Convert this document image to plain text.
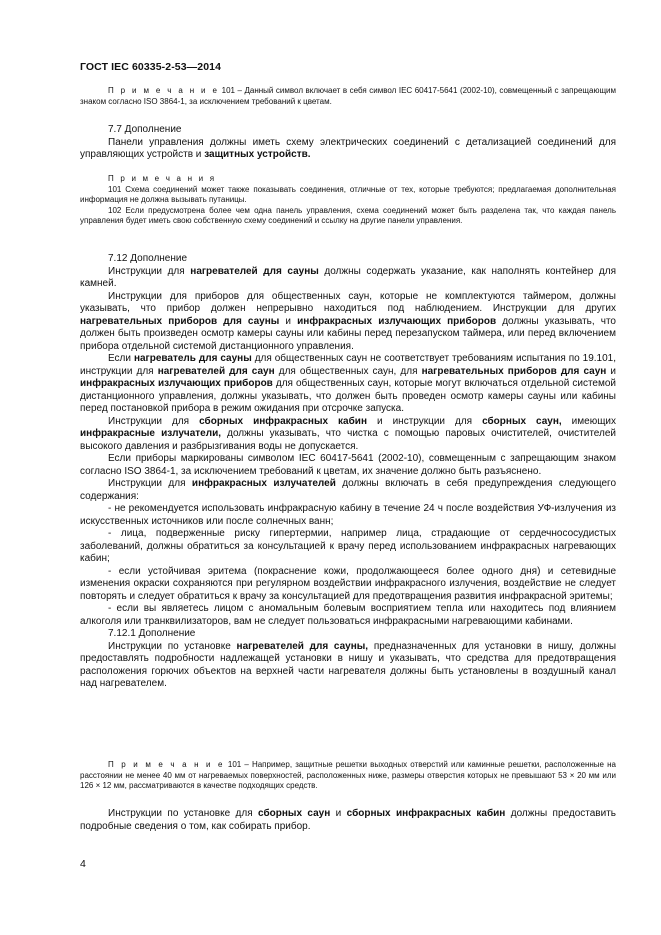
ГОСТ IEC 60335-2-53—2014

П р и м е ч а н и е 101 – Данный символ включает в себя символ IEC 60417-5641 (2002-10), совмещенный с запрещающим знаком согласно ISO 3864-1, за исключением требований к цветам.

7.7 Дополнение

Панели управления должны иметь схему электрических соединений с детализацией соединений для управляющих устройств и защитных устройств.

П р и м е ч а н и я

101 Схема соединений может также показывать соединения, отличные от тех, которые требуются; предлагаемая дополнительная информация не должна вызывать путаницы.

102 Если предусмотрена более чем одна панель управления, схема соединений может быть разделена так, что каждая панель управления будет иметь свою собственную схему соединений и ссылку на другие панели управления.

7.12 Дополнение

Инструкции для нагревателей для сауны должны содержать указание, как наполнять контейнер для камней.

Инструкции для приборов для общественных саун, которые не комплектуются таймером, должны указывать, что прибор должен непрерывно находиться под наблюдением. Инструкции для других нагревательных приборов для сауны и инфракрасных излучающих приборов должны указывать, что должен быть произведен осмотр камеры сауны или кабины перед перезапуском таймера, или перед включением прибора отдельной системой дистанционного управления.

Если нагреватель для сауны для общественных саун не соответствует требованиям испытания по 19.101, инструкции для нагревателей для саун для общественных саун, для нагревательных приборов для саун и инфракрасных излучающих приборов для общественных саун, которые могут включаться отдельной системой дистанционного управления, должны указывать, что должен быть проведен осмотр камеры сауны или кабины перед постановкой прибора в режим ожидания при отсрочке запуска.

Инструкции для сборных инфракрасных кабин и инструкции для сборных саун, имеющих инфракрасные излучатели, должны указывать, что чистка с помощью паровых очистителей, очистителей высокого давления и разбрызгивания воды не допускается.

Если приборы маркированы символом IEC 60417-5641 (2002-10), совмещенным с запрещающим знаком согласно ISO 3864-1, за исключением требований к цветам, их значение должно быть разъяснено.

Инструкции для инфракрасных излучателей должны включать в себя предупреждения следующего содержания:

- не рекомендуется использовать инфракрасную кабину в течение 24 ч после воздействия УФ-излучения из искусственных источников или после солнечных ванн;

- лица, подверженные риску гипертермии, например лица, страдающие от сердечнососудистых заболеваний, должны обратиться за консультацией к врачу перед использованием инфракрасных нагревающих кабин;

- если устойчивая эритема (покраснение кожи, продолжающееся более одного дня) и сетевидные изменения окраски сохраняются при регулярном воздействии инфракрасного излучения, воздействие не следует повторять и следует обратиться к врачу за консультацией для предотвращения развития инфракрасной эритемы;

- если вы являетесь лицом с аномальным болевым восприятием тепла или находитесь под влиянием алкоголя или транквилизаторов, вам не следует пользоваться инфракрасными нагревающими кабинами.

7.12.1 Дополнение

Инструкции по установке нагревателей для сауны, предназначенных для установки в нишу, должны предоставлять подробности надлежащей установки в нишу и указывать, что средства для предотвращения расположения горючих объектов на верхней части нагревателя должны быть установлены в воздушный канал над нагревателем.

П р и м е ч а н и е 101 – Например, защитные решетки выходных отверстий или каминные решетки, расположенные на расстоянии не менее 40 мм от нагреваемых поверхностей, расположенных ниже, размеры отверстия которых не превышают 53 × 20 мм или 126 × 12 мм, рассматриваются в качестве подходящих средств.

Инструкции по установке для сборных саун и сборных инфракрасных кабин должны предоставить подробные сведения о том, как собирать прибор.

4
